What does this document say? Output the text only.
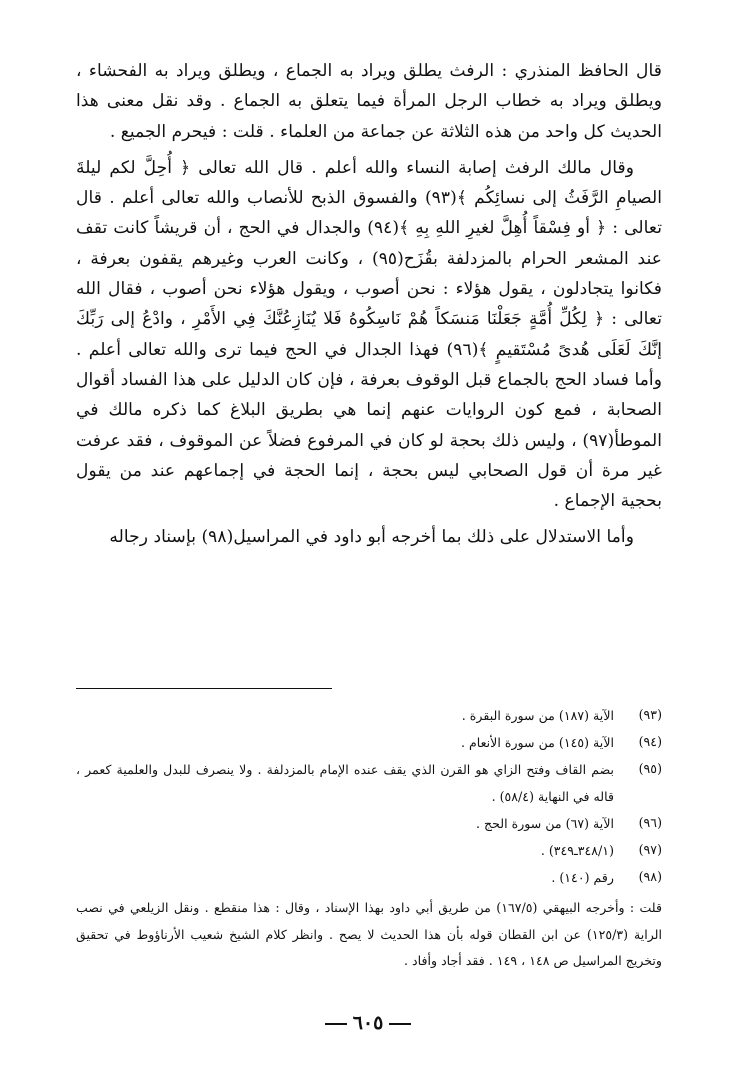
قال الحافظ المنذري : الرفث يطلق ويراد به الجماع ، ويطلق ويراد به الفحشاء ، ويطلق ويراد به خطاب الرجل المرأة فيما يتعلق به الجماع . وقد نقل معنى هذا الحديث كل واحد من هذه الثلاثة عن جماعة من العلماء . قلت : فيحرم الجميع .

وقال مالك الرفث إصابة النساء والله أعلم . قال الله تعالى ﴿ أُحِلَّ لكم ليلةَ الصيامِ الرَّفَثُ إلى نسائِكُم ﴾(٩٣) والفسوق الذبح للأنصاب والله تعالى أعلم . قال تعالى : ﴿ أو فِسْقاً أُهِلَّ لغيرِ اللهِ بِهِ ﴾(٩٤) والجدال في الحج ، أن قريشاً كانت تقف عند المشعر الحرام بالمزدلفة بقُزَح(٩٥) ، وكانت العرب وغيرهم يقفون بعرفة ، فكانوا يتجادلون ، يقول هؤلاء : نحن أصوب ، ويقول هؤلاء نحن أصوب ، فقال الله تعالى : ﴿ لِكُلِّ أُمَّةٍ جَعَلْنَا مَنسَكاً هُمْ نَاسِكُوهُ فَلا يُنَازِعُنَّكَ فِي الأَمْرِ ، وادْعُ إلى رَبِّكَ إنَّكَ لَعَلَى هُدىً مُسْتَقيمٍ ﴾(٩٦) فهذا الجدال في الحج فيما ترى والله تعالى أعلم . وأما فساد الحج بالجماع قبل الوقوف بعرفة ، فإن كان الدليل على هذا الفساد أقوال الصحابة ، فمع كون الروايات عنهم إنما هي بطريق البلاغ كما ذكره مالك في الموطأ(٩٧) ، وليس ذلك بحجة لو كان في المرفوع فضلاً عن الموقوف ، فقد عرفت غير مرة أن قول الصحابي ليس بحجة ، إنما الحجة في إجماعهم عند من يقول بحجية الإجماع .

وأما الاستدلال على ذلك بما أخرجه أبو داود في المراسيل(٩٨) بإسناد رجاله

(٩٣)
الآية (١٨٧) من سورة البقرة .
(٩٤)
الآية (١٤٥) من سورة الأنعام .
(٩٥)
بضم القاف وفتح الزاي هو القرن الذي يقف عنده الإمام بالمزدلفة . ولا ينصرف للبدل والعلمية كعمر ، قاله في النهاية (٥٨/٤) .
(٩٦)
الآية (٦٧) من سورة الحج .
(٩٧)
(٣٤٨/١ـ٣٤٩) .
(٩٨)
رقم (١٤٠) .
قلت : وأخرجه البيهقي (١٦٧/٥) من طريق أبي داود بهذا الإسناد ، وقال : هذا منقطع . ونقل الزيلعي في نصب الراية (١٢٥/٣) عن ابن القطان قوله بأن هذا الحديث لا يصح . وانظر كلام الشيخ شعيب الأرناؤوط في تحقيق وتخريج المراسيل ص ١٤٨ ، ١٤٩ . فقد أجاد وأفاد .
٦٠٥
